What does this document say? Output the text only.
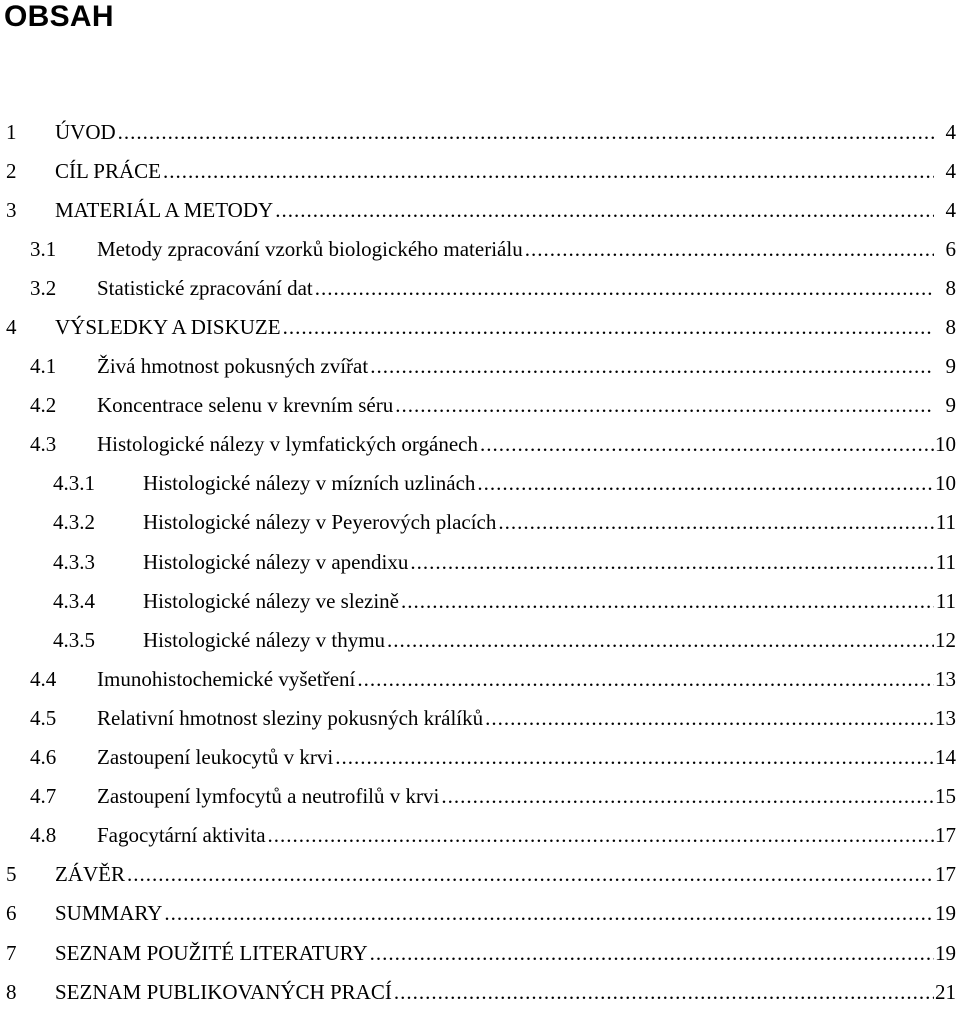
OBSAH
1 ÚVOD .....	4
2 CÍL PRÁCE .....	4
3 MATERIÁL A METODY .....	4
3.1 Metody zpracování vzorků biologického materiálu .....	6
3.2 Statistické zpracování dat .....	8
4 VÝSLEDKY A DISKUZE .....	8
4.1 Živá hmotnost pokusných zvířat .....	9
4.2 Koncentrace selenu v krevním séru .....	9
4.3 Histologické nálezy v lymfatických orgánech .....	10
4.3.1 Histologické nálezy v mízních uzlinách .....	10
4.3.2 Histologické nálezy v Peyerových placích .....	11
4.3.3 Histologické nálezy v apendixu .....	11
4.3.4 Histologické nálezy ve slezině .....	11
4.3.5 Histologické nálezy v thymu .....	12
4.4 Imunohistochemické vyšetření .....	13
4.5 Relativní hmotnost sleziny pokusných králíků .....	13
4.6 Zastoupení leukocytů v krvi .....	14
4.7 Zastoupení lymfocytů a neutrofilů v krvi .....	15
4.8 Fagocytární aktivita .....	17
5 ZÁVĚR .....	17
6 SUMMARY .....	19
7 SEZNAM POUŽITÉ LITERATURY .....	19
8 SEZNAM PUBLIKOVANÝCH PRACÍ .....	21
